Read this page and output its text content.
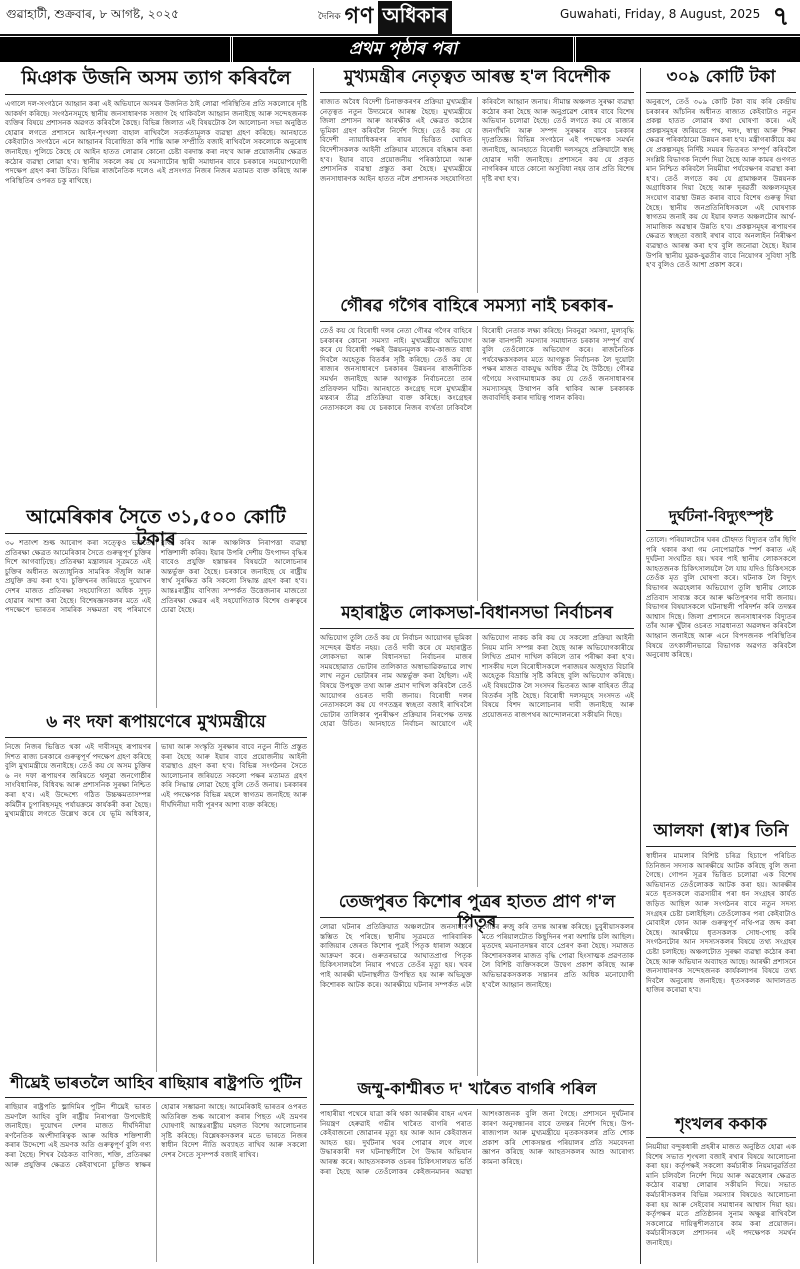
গুৱাহাটী, শুক্ৰবাৰ, ৮ আগষ্ট, ২০২৫	দৈনিক গণ অধিকাৰ	Guwahati, Friday, 8 August, 2025 ৭
প্ৰথম পৃষ্ঠাৰ পৰা
মিঞাক উজনি অসম ত্যাগ কৰিবলৈ
এগালে দল-সংগঠনে আহ্বান কৰা এই অভিযানে অসমৰ উজনিত ঠাই লোৱা পৰিস্থিতিৰ প্ৰতি সকলোৰে দৃষ্টি আকৰ্ষণ কৰিছে। সংগঠনসমূহে স্থানীয় জনসাধাৰণক সজাগ হৈ থাকিবলৈ আহ্বান জনাইছে আৰু সন্দেহজনক ব্যক্তিৰ বিষয়ে প্ৰশাসনক অৱগত কৰিবলৈ কৈছে। বিভিন্ন জিলাত এই বিষয়টোক লৈ আলোচনা সভা অনুষ্ঠিত হোৱাৰ লগতে প্ৰশাসনে আইন-শৃংখলা বাহাল ৰাখিবলৈ সতৰ্কতামূলক ব্যৱস্থা গ্ৰহণ কৰিছে। আনহাতে কেইবাটাও সংগঠনে এনে আহ্বানৰ বিৰোধিতা কৰি শান্তি আৰু সম্প্ৰীতি বজাই ৰাখিবলৈ সকলোকে অনুৰোধ জনাইছে। পুলিচে কৈছে যে আইন হাতত লোৱাৰ কোনো চেষ্টা বৰদাস্ত কৰা নহ'ব আৰু প্ৰয়োজনীয় ক্ষেত্ৰত কঠোৰ ব্যৱস্থা লোৱা হ'ব। স্থানীয় সকলে কয় যে সমস্যাটোৰ স্থায়ী সমাধানৰ বাবে চৰকাৰে সময়োপযোগী পদক্ষেপ গ্ৰহণ কৰা উচিত। বিভিন্ন ৰাজনৈতিক দলেও এই প্ৰসংগত নিজৰ নিজৰ মতামত ব্যক্ত কৰিছে আৰু পৰিস্থিতিৰ ওপৰত চকু ৰাখিছে।
আমেৰিকাৰ সৈতে ৩১,৫০০ কোটি টকাৰ
৩০ শতাংশ শুল্ক আৰোপ কৰা সত্ত্বেও ভাৰতে প্ৰতিৰক্ষা ক্ষেত্ৰত আমেৰিকাৰ সৈতে গুৰুত্বপূৰ্ণ চুক্তিৰ দিশে আগবাঢ়িছে। প্ৰতিৰক্ষা মন্ত্ৰালয়ৰ সূত্ৰমতে এই চুক্তিৰ অধীনত অত্যাধুনিক সামৰিক সঁজুলি আৰু প্ৰযুক্তি ক্ৰয় কৰা হ'ব। চুক্তিখনৰ জৰিয়তে দুয়োখন দেশৰ মাজত প্ৰতিৰক্ষা সহযোগিতা অধিক সুদৃঢ় হোৱাৰ আশা কৰা হৈছে। বিশেষজ্ঞসকলৰ মতে এই পদক্ষেপে ভাৰতৰ সামৰিক সক্ষমতা বহু পৰিমাণে বৃদ্ধি কৰিব আৰু আঞ্চলিক নিৰাপত্তা ব্যৱস্থা শক্তিশালী কৰিব। ইয়াৰ উপৰি দেশীয় উৎপাদন বৃদ্ধিৰ বাবেও প্ৰযুক্তি হস্তান্তৰৰ বিষয়টো আলোচনাৰ অন্তৰ্ভুক্ত কৰা হৈছে। চৰকাৰে জনাইছে যে ৰাষ্ট্ৰীয় স্বাৰ্থ সুৰক্ষিত কৰি সকলো সিদ্ধান্ত গ্ৰহণ কৰা হ'ব। আন্তঃৰাষ্ট্ৰীয় বাণিজ্য সম্পৰ্কত উত্তেজনাৰ মাজতো প্ৰতিৰক্ষা ক্ষেত্ৰৰ এই সহযোগিতাক বিশেষ গুৰুত্বৰে চোৱা হৈছে।
৬ নং দফা ৰূপায়ণেৰে মুখ্যমন্ত্ৰীয়ে
নিজে নিজৰ ভিত্তিত থকা এই দাবীসমূহ ৰূপায়ণৰ দিশত ৰাজ্য চৰকাৰে গুৰুত্বপূৰ্ণ পদক্ষেপ গ্ৰহণ কৰিছে বুলি মুখ্যমন্ত্ৰীয়ে জনাইছে। তেওঁ কয় যে অসম চুক্তিৰ ৬ নং দফা ৰূপায়ণৰ জৰিয়তে থলুৱা জনগোষ্ঠীৰ সাংবিধানিক, বিধিবদ্ধ আৰু প্ৰশাসনিক সুৰক্ষা নিশ্চিত কৰা হ'ব। এই উদ্দেশ্যে গঠিত উচ্চক্ষমতাসম্পন্ন কমিটীৰ চুপাৰিছসমূহ পৰ্যায়ক্ৰমে কাৰ্যকৰী কৰা হৈছে। মুখ্যমন্ত্ৰীয়ে লগতে উল্লেখ কৰে যে ভূমি অধিকাৰ, ভাষা আৰু সংস্কৃতি সুৰক্ষাৰ বাবে নতুন নীতি প্ৰস্তুত কৰা হৈছে আৰু ইয়াৰ বাবে প্ৰয়োজনীয় আইনী ব্যৱস্থাও গ্ৰহণ কৰা হ'ব। বিভিন্ন সংগঠনৰ সৈতে আলোচনাৰ জৰিয়তে সকলো পক্ষৰ মতামত গ্ৰহণ কৰি সিদ্ধান্ত লোৱা হৈছে বুলি তেওঁ জনায়। চৰকাৰৰ এই পদক্ষেপক বিভিন্ন মহলে স্বাগতম জনাইছে আৰু দীৰ্ঘদিনীয়া দাবী পূৰণৰ আশা ব্যক্ত কৰিছে।
শীঘ্ৰেই ভাৰতলৈ আহিব ৰাছিয়াৰ ৰাষ্ট্ৰপতি পুটিন
ৰাছিয়াৰ ৰাষ্ট্ৰপতি ভ্লাদিমিৰ পুটিন শীঘ্ৰেই ভাৰত ভ্ৰমণলৈ আহিব বুলি ৰাষ্ট্ৰীয় নিৰাপত্তা উপদেষ্টাই জনাইছে। দুয়োখন দেশৰ মাজত দীৰ্ঘদিনীয়া ৰণনৈতিক অংশীদাৰিত্বক আৰু অধিক শক্তিশালী কৰাৰ উদ্দেশ্যে এই ভ্ৰমণক অতি গুৰুত্বপূৰ্ণ বুলি গণ্য কৰা হৈছে। শিখৰ বৈঠকত বাণিজ্য, শক্তি, প্ৰতিৰক্ষা আৰু প্ৰযুক্তিৰ ক্ষেত্ৰত কেইবাখনো চুক্তিত স্বাক্ষৰ হোৱাৰ সম্ভাৱনা আছে। আমেৰিকাই ভাৰতৰ ওপৰত অতিৰিক্ত শুল্ক আৰোপ কৰাৰ পিছত এই ভ্ৰমণৰ ঘোষণাই আন্তঃৰাষ্ট্ৰীয় মহলত বিশেষ আলোচনাৰ সৃষ্টি কৰিছে। বিশ্লেষকসকলৰ মতে ভাৰতে নিজৰ স্বাধীন বিদেশ নীতি অব্যাহত ৰাখিব আৰু সকলো দেশৰ সৈতে সুসম্পৰ্ক বজাই ৰাখিব।
মুখ্যমন্ত্ৰীৰ নেতৃত্বত আৰম্ভ হ'ল বিদেশীক
ৰাজ্যত অবৈধ বিদেশী চিনাক্তকৰণৰ প্ৰক্ৰিয়া মুখ্যমন্ত্ৰীৰ নেতৃত্বত নতুন উদ্যমেৰে আৰম্ভ হৈছে। মুখ্যমন্ত্ৰীয়ে জিলা প্ৰশাসন আৰু আৰক্ষীক এই ক্ষেত্ৰত কঠোৰ ভূমিকা গ্ৰহণ কৰিবলৈ নিৰ্দেশ দিছে। তেওঁ কয় যে বিদেশী ন্যায়াধিকৰণৰ ৰায়ৰ ভিত্তিত ঘোষিত বিদেশীসকলক আইনী প্ৰক্ৰিয়াৰ মাজেৰে বহিষ্কাৰ কৰা হ'ব। ইয়াৰ বাবে প্ৰয়োজনীয় পৰিকাঠামো আৰু প্ৰশাসনিক ব্যৱস্থা প্ৰস্তুত কৰা হৈছে। মুখ্যমন্ত্ৰীয়ে জনসাধাৰণক আইন হাতত নলৈ প্ৰশাসনক সহযোগিতা কৰিবলৈ আহ্বান জনায়। সীমান্ত অঞ্চলত সুৰক্ষা ব্যৱস্থা কঠোৰ কৰা হৈছে আৰু অনুপ্ৰৱেশ ৰোধৰ বাবে বিশেষ অভিযান চলোৱা হৈছে। তেওঁ লগতে কয় যে ৰাজ্যৰ জনগাঁথনি আৰু সম্পদ সুৰক্ষাৰ বাবে চৰকাৰ দৃঢ়প্ৰতিজ্ঞ। বিভিন্ন সংগঠনে এই পদক্ষেপক সমৰ্থন জনাইছে, আনহাতে বিৰোধী দলসমূহে প্ৰক্ৰিয়াটো স্বচ্ছ হোৱাৰ দাবী জনাইছে। প্ৰশাসনে কয় যে প্ৰকৃত নাগৰিকৰ যাতে কোনো অসুবিধা নহয় তাৰ প্ৰতি বিশেষ দৃষ্টি ৰখা হ'ব।
গৌৰৱ গগৈৰ বাহিৰে সমস্যা নাই চৰকাৰ-
তেওঁ কয় যে বিৰোধী দলৰ নেতা গৌৰৱ গগৈৰ বাহিৰে চৰকাৰৰ কোনো সমস্যা নাই। মুখ্যমন্ত্ৰীয়ে অভিযোগ কৰে যে বিৰোধী পক্ষই উন্নয়নমূলক কাম-কাজত বাধা দিবলৈ অহেতুক বিতৰ্কৰ সৃষ্টি কৰিছে। তেওঁ কয় যে ৰাজ্যৰ জনসাধাৰণে চৰকাৰৰ উন্নয়নৰ ৰাজনীতিক সমৰ্থন জনাইছে আৰু আগন্তুক নিৰ্বাচনতো তাৰ প্ৰতিফলন ঘটিব। আনহাতে কংগ্ৰেছ দলে মুখ্যমন্ত্ৰীৰ মন্তব্যৰ তীব্ৰ প্ৰতিক্ৰিয়া ব্যক্ত কৰিছে। কংগ্ৰেছৰ নেতাসকলে কয় যে চৰকাৰে নিজৰ ব্যৰ্থতা ঢাকিবলৈ বিৰোধী নেতাক লক্ষ্য কৰিছে। নিবনুৱা সমস্যা, মূল্যবৃদ্ধি আৰু বানপানী সমস্যাৰ সমাধানত চৰকাৰ সম্পূৰ্ণ ব্যৰ্থ বুলি তেওঁলোকে অভিযোগ কৰে। ৰাজনৈতিক পৰ্যবেক্ষকসকলৰ মতে আগন্তুক নিৰ্বাচনক লৈ দুয়োটা পক্ষৰ মাজত বাকযুদ্ধ অধিক তীব্ৰ হৈ উঠিছে। গৌৰৱ গগৈয়ে সংবাদমাধ্যমক কয় যে তেওঁ জনসাধাৰণৰ সমস্যাসমূহ উত্থাপন কৰি থাকিব আৰু চৰকাৰক জবাবদিহি কৰাৰ দায়িত্ব পালন কৰিব।
মহাৰাষ্ট্ৰত লোকসভা-বিধানসভা নিৰ্বাচনৰ
অভিযোগ তুলি তেওঁ কয় যে নিৰ্বাচন আয়োগৰ ভূমিকা সন্দেহৰ ঊৰ্ধত নহয়। তেওঁ দাবী কৰে যে মহাৰাষ্ট্ৰত লোকসভা আৰু বিধানসভা নিৰ্বাচনৰ মাজৰ সময়ছোৱাত ভোটাৰ তালিকাত অস্বাভাৱিকভাৱে লাখ লাখ নতুন ভোটাৰৰ নাম অন্তৰ্ভুক্ত কৰা হৈছিল। এই বিষয়ে উপযুক্ত তথ্য আৰু প্ৰমাণ দাখিল কৰিবলৈ তেওঁ আয়োগৰ ওচৰত দাবী জনায়। বিৰোধী দলৰ নেতাসকলে কয় যে গণতন্ত্ৰৰ স্বচ্ছতা বজাই ৰাখিবলৈ ভোটাৰ তালিকাৰ পুনৰীক্ষণ প্ৰক্ৰিয়াৰ নিৰপেক্ষ তদন্ত হোৱা উচিত। আনহাতে নিৰ্বাচন আয়োগে এই অভিযোগ নাকচ কৰি কয় যে সকলো প্ৰক্ৰিয়া আইনী নিয়ম মানি সম্পন্ন কৰা হৈছে আৰু অভিযোগকাৰীয়ে লিখিত প্ৰমাণ দাখিল কৰিলে তাৰ পৰীক্ষা কৰা হ'ব। শাসকীয় দলে বিৰোধীসকলে পৰাজয়ৰ অজুহাত বিচাৰি অহেতুক বিভ্ৰান্তি সৃষ্টি কৰিছে বুলি অভিযোগ কৰিছে। এই বিষয়টোক লৈ সংসদৰ ভিতৰত আৰু বাহিৰত তীব্ৰ বিতৰ্কৰ সৃষ্টি হৈছে। বিৰোধী দলসমূহে সংসদত এই বিষয়ে বিশদ আলোচনাৰ দাবী জনাইছে আৰু প্ৰয়োজনত ৰাজপথৰ আন্দোলনৰো সকীয়নি দিছে।
তেজপুৰত কিশোৰ পুত্ৰৰ হাতত প্ৰাণ গ'ল পিতৃৰ
লোৱা ঘটনাৰ প্ৰতিক্ৰিয়াত অঞ্চলটোৰ জনসাধাৰণ স্তম্ভিত হৈ পৰিছে। স্থানীয় সূত্ৰমতে পাৰিবাৰিক কাজিয়াৰ জেৰত কিশোৰ পুত্ৰই পিতৃক ধাৰাল অস্ত্ৰৰে আক্ৰমণ কৰে। গুৰুতৰভাৱে আঘাতপ্ৰাপ্ত পিতৃক চিকিৎসালয়লৈ নিয়াৰ পথতে তেওঁৰ মৃত্যু হয়। খবৰ পাই আৰক্ষী ঘটনাস্থলীত উপস্থিত হয় আৰু অভিযুক্ত কিশোৰক আটক কৰে। আৰক্ষীয়ে ঘটনাৰ সম্পৰ্কত এটা গোচৰ ৰুজু কৰি তদন্ত আৰম্ভ কৰিছে। চুবুৰীয়াসকলৰ মতে পৰিয়ালটোত কিছুদিনৰ পৰা অশান্তি চলি আছিল। মৃতদেহ ময়নাতদন্তৰ বাবে প্ৰেৰণ কৰা হৈছে। সমাজত কিশোৰসকলৰ মাজত বৃদ্ধি পোৱা হিংসাত্মক প্ৰৱণতাক লৈ বিশিষ্ট ব্যক্তিসকলে উদ্বেগ প্ৰকাশ কৰিছে আৰু অভিভাৱকসকলক সন্তানৰ প্ৰতি অধিক মনোযোগী হ'বলৈ আহ্বান জনাইছে।
জম্মু-কাশ্মীৰত দ' খাৰৈত বাগৰি পৰিল
পাহাৰীয়া পথেৰে যাত্ৰা কৰি থকা আৰক্ষীৰ বাহন এখন নিয়ন্ত্ৰণ হেৰুৱাই গভীৰ খাৰৈত বাগৰি পৰাত কেইবাজনো জোৱানৰ মৃত্যু হয় আৰু আন কেইবাজন আহত হয়। দুৰ্ঘটনাৰ খবৰ পোৱাৰ লগে লগে উদ্ধাৰকাৰী দল ঘটনাস্থলীলৈ গৈ উদ্ধাৰ অভিযান আৰম্ভ কৰে। আহতসকলক ওচৰৰ চিকিৎসালয়ত ভৰ্তি কৰা হৈছে আৰু তেওঁলোকৰ কেইজনমানৰ অৱস্থা আশংকাজনক বুলি জনা গৈছে। প্ৰশাসনে দুৰ্ঘটনাৰ কাৰণ অনুসন্ধানৰ বাবে তদন্তৰ নিৰ্দেশ দিছে। উপ-ৰাজ্যপাল আৰু মুখ্যমন্ত্ৰীয়ে মৃতকসকলৰ প্ৰতি শোক প্ৰকাশ কৰি শোকসন্তপ্ত পৰিয়ালৰ প্ৰতি সমবেদনা জ্ঞাপন কৰিছে আৰু আহতসকলৰ আশু আৰোগ্য কামনা কৰিছে।
৩০৯ কোটি টকা
অনুৰূপে, তেওঁ ৩০৯ কোটি টকা ব্যয় কৰি কেন্দ্ৰীয় চৰকাৰৰ আঁচনিৰ অধীনত ৰাজ্যত কেইবাটাও নতুন প্ৰকল্প হাতত লোৱাৰ কথা ঘোষণা কৰে। এই প্ৰকল্পসমূহৰ জৰিয়তে পথ, দলং, স্বাস্থ্য আৰু শিক্ষা ক্ষেত্ৰৰ পৰিকাঠামো উন্নয়ন কৰা হ'ব। মন্ত্ৰীগৰাকীয়ে কয় যে প্ৰকল্পসমূহ নিৰ্দিষ্ট সময়ৰ ভিতৰত সম্পূৰ্ণ কৰিবলৈ সংশ্লিষ্ট বিভাগক নিৰ্দেশ দিয়া হৈছে আৰু কামৰ গুণগত মান নিশ্চিত কৰিবলৈ নিয়মীয়া পৰ্যবেক্ষণৰ ব্যৱস্থা কৰা হ'ব। তেওঁ লগতে কয় যে গ্ৰামাঞ্চলৰ উন্নয়নক অগ্ৰাধিকাৰ দিয়া হৈছে আৰু দূৰৱৰ্তী অঞ্চলসমূহৰ সংযোগ ব্যৱস্থা উন্নত কৰাৰ বাবে বিশেষ গুৰুত্ব দিয়া হৈছে। স্থানীয় জনপ্ৰতিনিধিসকলে এই ঘোষণাক স্বাগতম জনাই কয় যে ইয়াৰ ফলত অঞ্চলটোৰ আৰ্থ-সামাজিক অৱস্থাৰ উন্নতি হ'ব। প্ৰকল্পসমূহৰ ৰূপায়ণৰ ক্ষেত্ৰত স্বচ্ছতা বজাই ৰখাৰ বাবে অনলাইন নিৰীক্ষণ ব্যৱস্থাও আৰম্ভ কৰা হ'ব বুলি জনোৱা হৈছে। ইয়াৰ উপৰি স্থানীয় যুৱক-যুৱতীৰ বাবে নিয়োগৰ সুবিধা সৃষ্টি হ'ব বুলিও তেওঁ আশা প্ৰকাশ কৰে।
দুৰ্ঘটনা-বিদ্যুৎস্পৃষ্ট
তোলে। পৰিয়ালটোৰ ঘৰৰ চৌহদত বিদ্যুতৰ তাঁৰ ছিগি পৰি থকাৰ কথা গম নোপোৱাকৈ স্পৰ্শ কৰাত এই দুৰ্ঘটনা সংঘটিত হয়। খবৰ পাই স্থানীয় লোকসকলে আহতজনক চিকিৎসালয়লৈ লৈ যায় যদিও চিকিৎসকে তেওঁক মৃত বুলি ঘোষণা কৰে। ঘটনাক লৈ বিদ্যুৎ বিভাগৰ অৱহেলাৰ অভিযোগ তুলি স্থানীয় লোকে প্ৰতিবাদ সাব্যস্ত কৰে আৰু ক্ষতিপূৰণৰ দাবী জনায়। বিভাগৰ বিষয়াসকলে ঘটনাস্থলী পৰিদৰ্শন কৰি তদন্তৰ আশ্বাস দিছে। জিলা প্ৰশাসনে জনসাধাৰণক বিদ্যুতৰ তাঁৰ আৰু খুঁটাৰ ওচৰত সাৱধানতা অৱলম্বন কৰিবলৈ আহ্বান জনাইছে আৰু এনে বিপদজনক পৰিস্থিতিৰ বিষয়ে তৎকালীনভাৱে বিভাগক অৱগত কৰিবলৈ অনুৰোধ কৰিছে।
আলফা (স্বা)ৰ তিনি
স্বাধীনৰ মামলাৰ বিশিষ্ট চৰিত্ৰ হিচাপে পৰিচিত তিনিজন সদস্যক আৰক্ষীয়ে আটক কৰিছে বুলি জনা গৈছে। গোপন সূত্ৰৰ ভিত্তিত চলোৱা এক বিশেষ অভিযানত তেওঁলোকক আটক কৰা হয়। আৰক্ষীৰ মতে ধৃতসকলে ব্যৱসায়ীৰ পৰা ধন সংগ্ৰহৰ কাৰ্যত জড়িত আছিল আৰু সংগঠনৰ বাবে নতুন সদস্য সংগ্ৰহৰ চেষ্টা চলাইছিল। তেওঁলোকৰ পৰা কেইবাটাও মোবাইল ফোন আৰু গুৰুত্বপূৰ্ণ নথি-পত্ৰ জব্দ কৰা হৈছে। আৰক্ষীয়ে ধৃতসকলক সোধ-পোছ কৰি সংগঠনটোৰ আন সদস্যসকলৰ বিষয়ে তথ্য সংগ্ৰহৰ চেষ্টা চলাইছে। অঞ্চলটোত সুৰক্ষা ব্যৱস্থা কঠোৰ কৰা হৈছে আৰু অভিযান অব্যাহত আছে। আৰক্ষী প্ৰশাসনে জনসাধাৰণক সন্দেহজনক কাৰ্যকলাপৰ বিষয়ে তথ্য দিবলৈ অনুৰোধ জনাইছে। ধৃতসকলক আদালতত হাজিৰ কৰোৱা হ'ব।
শৃংখলৰ ককাক
নিয়মীয়া বন্দুকধাৰী প্ৰহৰীৰ মাজত অনুষ্ঠিত হোৱা এক বিশেষ সভাত শৃংখলা বজাই ৰখাৰ বিষয়ে আলোচনা কৰা হয়। কৰ্তৃপক্ষই সকলো কৰ্মচাৰীক নিয়মানুৱৰ্তিতা মানি চলিবলৈ নিৰ্দেশ দিয়ে আৰু অৱহেলাৰ ক্ষেত্ৰত কঠোৰ ব্যৱস্থা লোৱাৰ সকীয়নি দিয়ে। সভাত কৰ্মচাৰীসকলৰ বিভিন্ন সমস্যাৰ বিষয়েও আলোচনা কৰা হয় আৰু সেইবোৰ সমাধানৰ আশ্বাস দিয়া হয়। কৰ্তৃপক্ষৰ মতে প্ৰতিষ্ঠানৰ সুনাম অক্ষুণ্ণ ৰাখিবলৈ সকলোৱে দায়িত্বশীলতাৰে কাম কৰা প্ৰয়োজন। কৰ্মচাৰীসকলে প্ৰশাসনৰ এই পদক্ষেপক সমৰ্থন জনাইছে।
